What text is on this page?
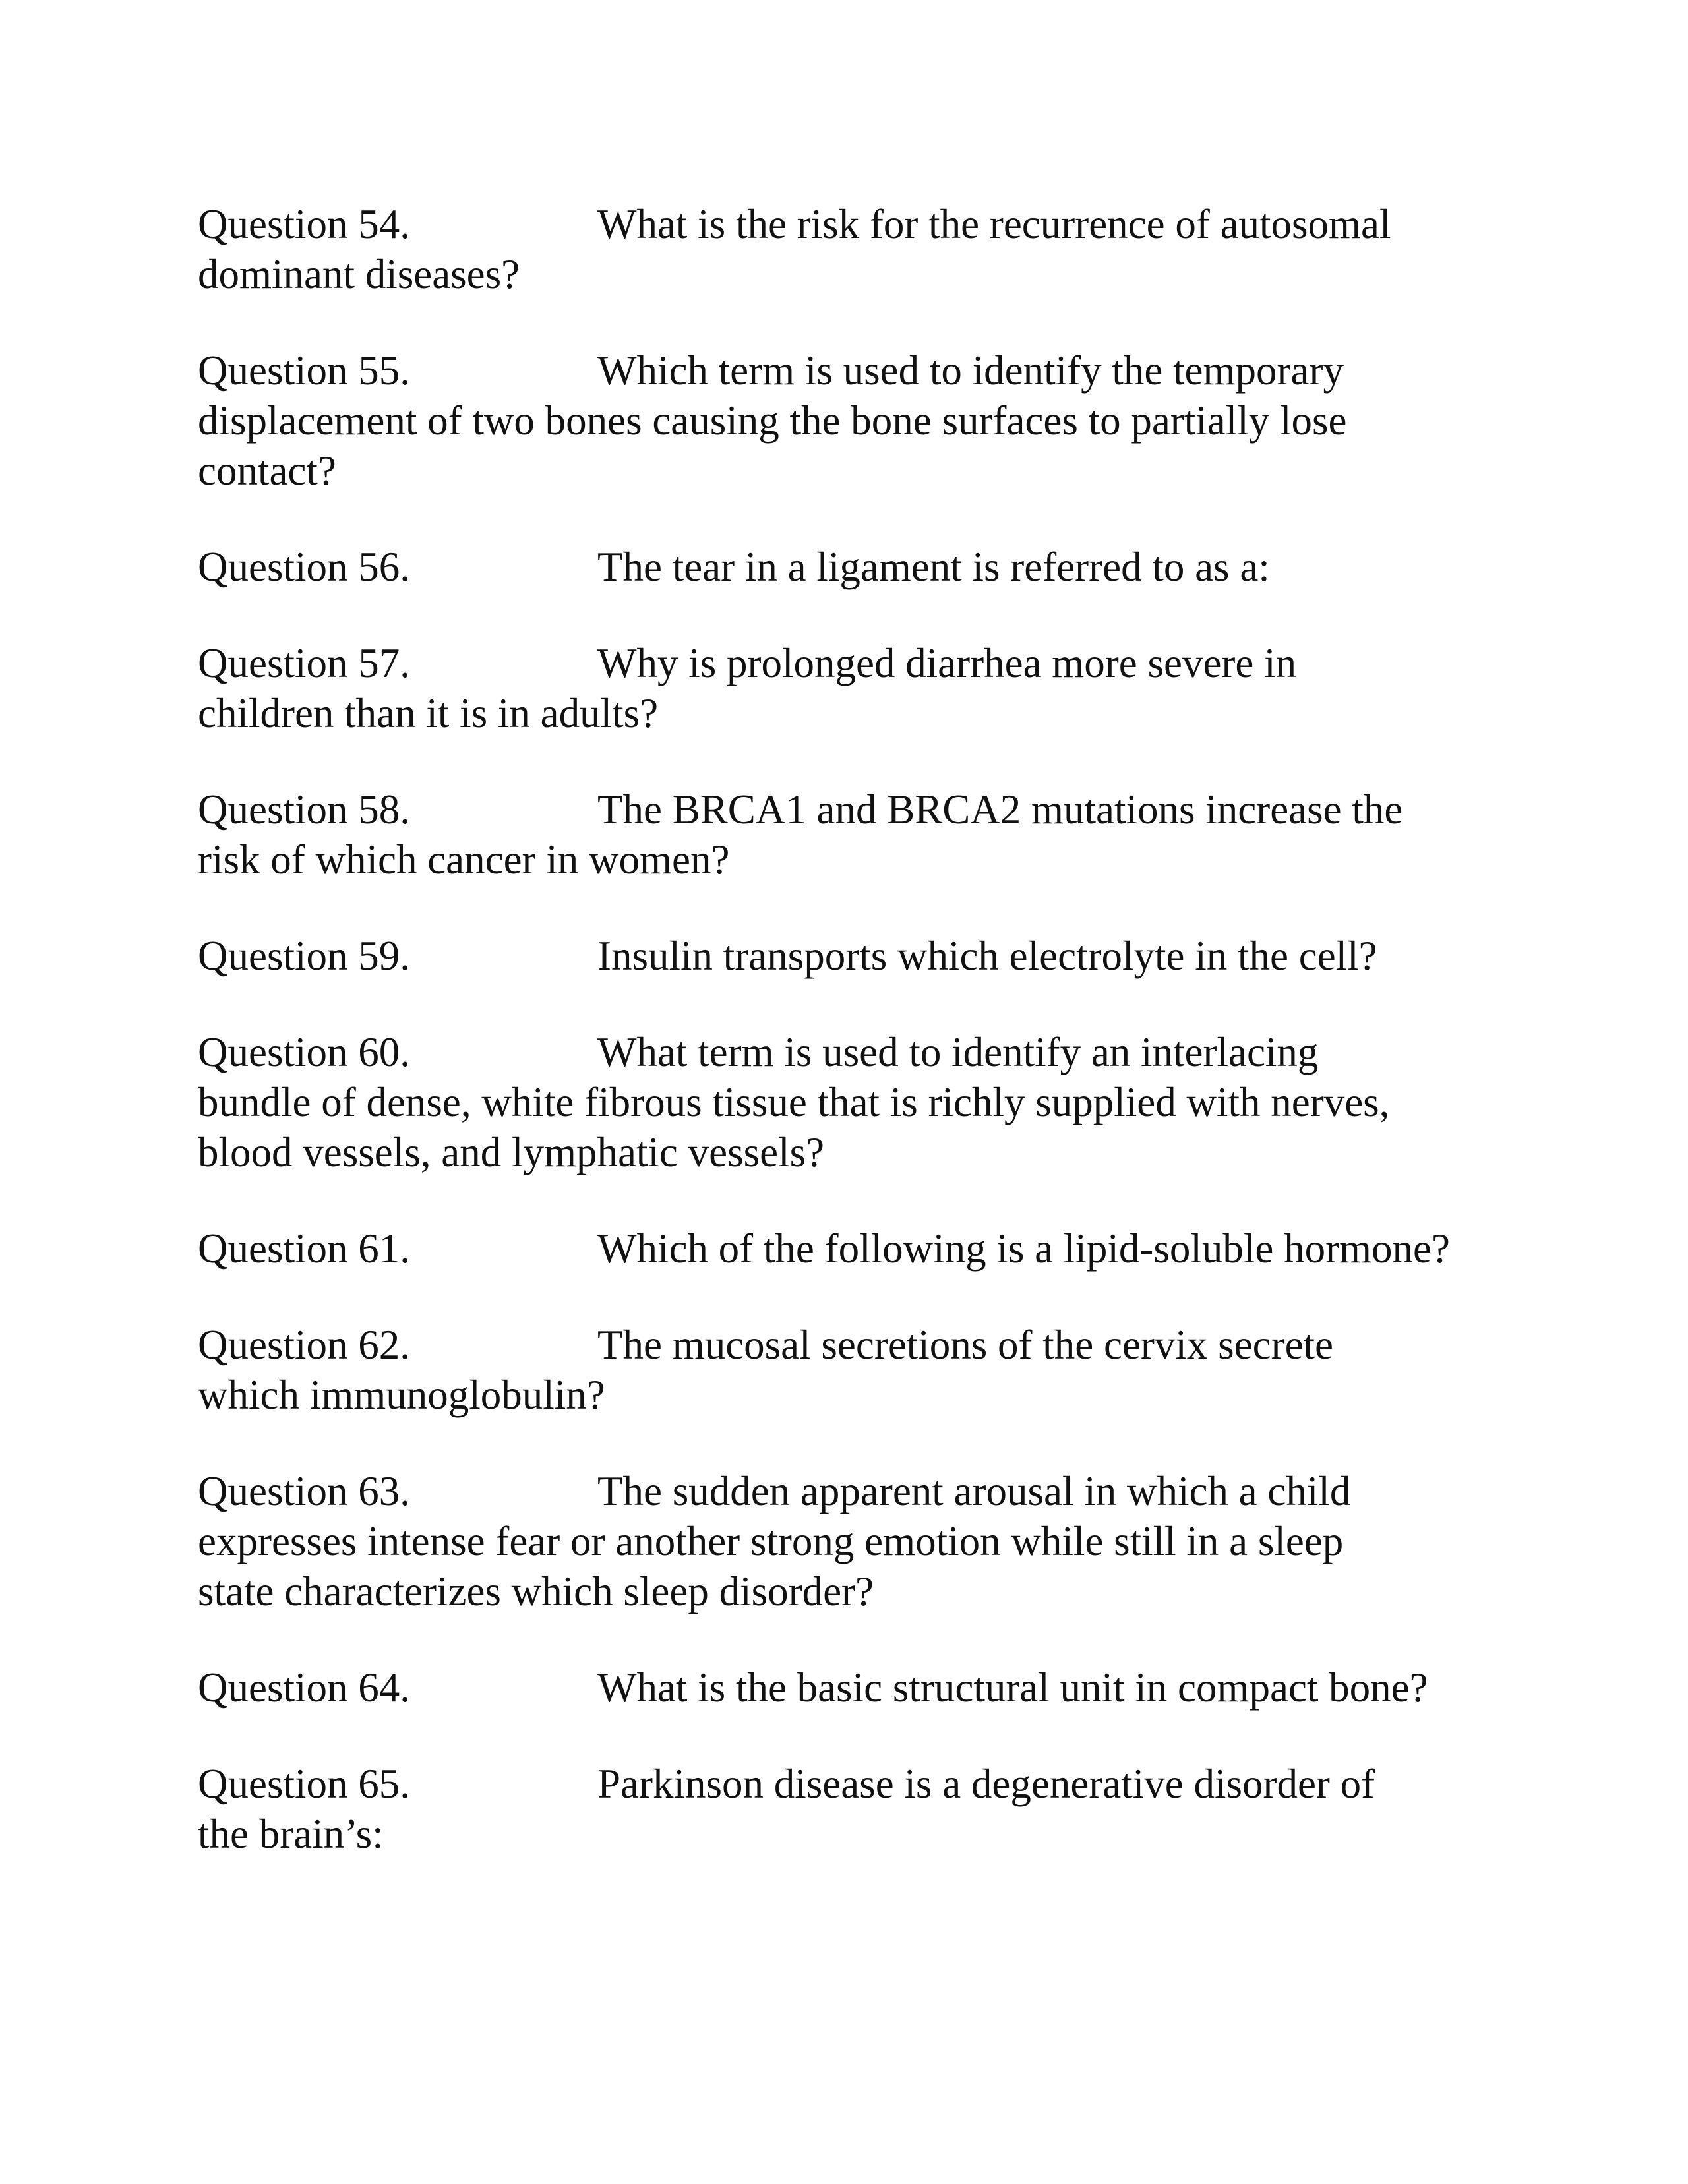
Question 54.	What is the risk for the recurrence of autosomal
dominant diseases?
Question 55.	Which term is used to identify the temporary
displacement of two bones causing the bone surfaces to partially lose
contact?
Question 56.	The tear in a ligament is referred to as a:
Question 57.	Why is prolonged diarrhea more severe in
children than it is in adults?
Question 58.	The BRCA1 and BRCA2 mutations increase the
risk of which cancer in women?
Question 59.	Insulin transports which electrolyte in the cell?
Question 60.	What term is used to identify an interlacing
bundle of dense, white fibrous tissue that is richly supplied with nerves,
blood vessels, and lymphatic vessels?
Question 61.	Which of the following is a lipid-soluble hormone?
Question 62.	The mucosal secretions of the cervix secrete
which immunoglobulin?
Question 63.	The sudden apparent arousal in which a child
expresses intense fear or another strong emotion while still in a sleep
state characterizes which sleep disorder?
Question 64.	What is the basic structural unit in compact bone?
Question 65.	Parkinson disease is a degenerative disorder of
the brain’s:
